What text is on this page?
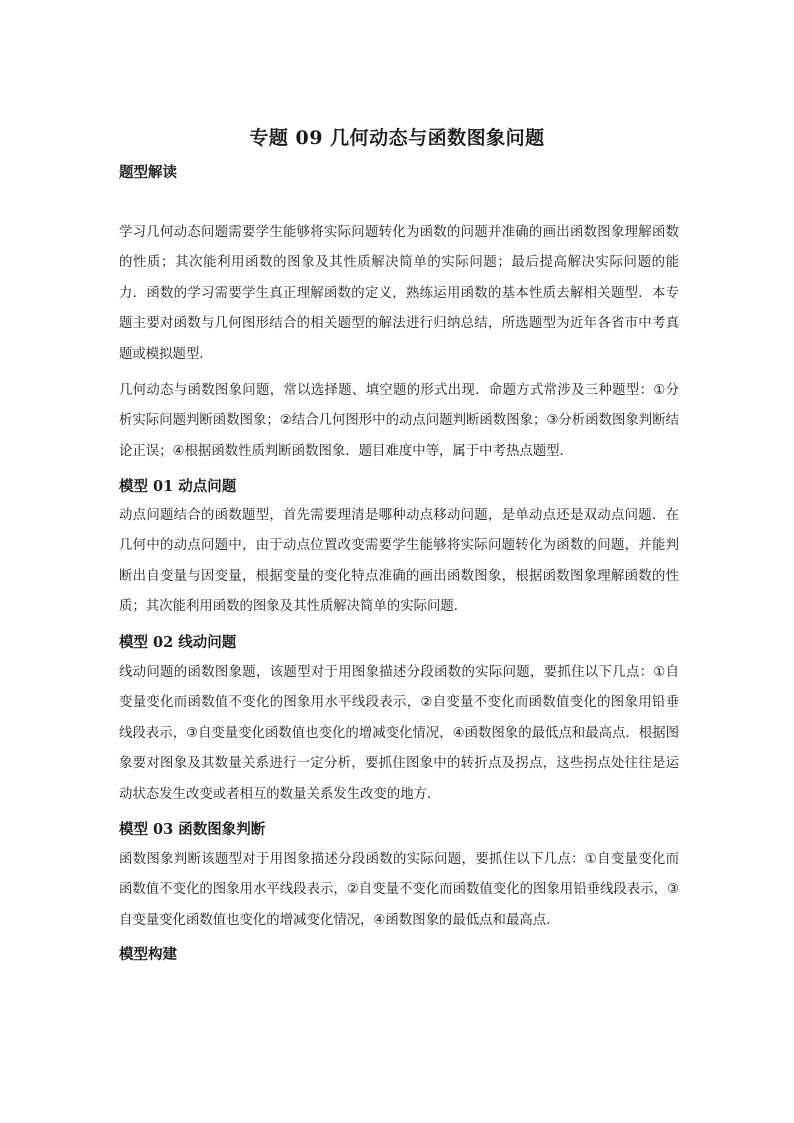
专题 09 几何动态与函数图象问题
题型解读
学习几何动态问题需要学生能够将实际问题转化为函数的问题并准确的画出函数图象理解函数的性质；其次能利用函数的图象及其性质解决简单的实际问题；最后提高解决实际问题的能力．函数的学习需要学生真正理解函数的定义，熟练运用函数的基本性质去解相关题型．本专题主要对函数与几何图形结合的相关题型的解法进行归纳总结，所选题型为近年各省市中考真题或模拟题型．
几何动态与函数图象问题，常以选择题、填空题的形式出现．命题方式常涉及三种题型：①分析实际问题判断函数图象；②结合几何图形中的动点问题判断函数图象；③分析函数图象判断结论正误；④根据函数性质判断函数图象．题目难度中等，属于中考热点题型．
模型 01 动点问题
动点问题结合的函数题型，首先需要理清是哪种动点移动问题，是单动点还是双动点问题．在几何中的动点问题中，由于动点位置改变需要学生能够将实际问题转化为函数的问题，并能判断出自变量与因变量，根据变量的变化特点准确的画出函数图象，根据函数图象理解函数的性质；其次能利用函数的图象及其性质解决简单的实际问题．
模型 02 线动问题
线动问题的函数图象题，该题型对于用图象描述分段函数的实际问题，要抓住以下几点：①自变量变化而函数值不变化的图象用水平线段表示，②自变量不变化而函数值变化的图象用铅垂线段表示，③自变量变化函数值也变化的增减变化情况，④函数图象的最低点和最高点．根据图象要对图象及其数量关系进行一定分析，要抓住图象中的转折点及拐点，这些拐点处往往是运动状态发生改变或者相互的数量关系发生改变的地方．
模型 03 函数图象判断
函数图象判断该题型对于用图象描述分段函数的实际问题，要抓住以下几点：①自变量变化而函数值不变化的图象用水平线段表示，②自变量不变化而函数值变化的图象用铅垂线段表示，③自变量变化函数值也变化的增减变化情况，④函数图象的最低点和最高点．
模型构建
